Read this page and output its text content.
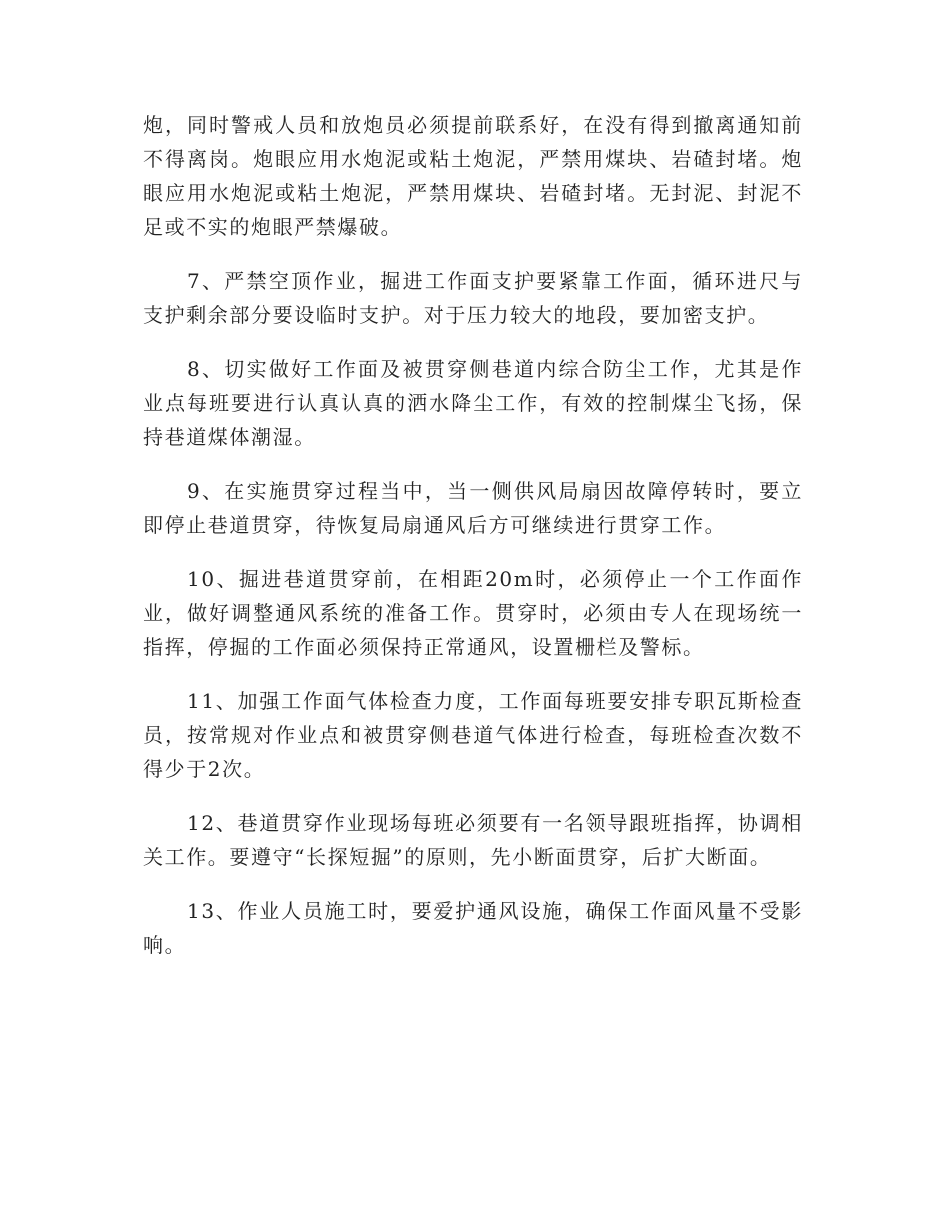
炮，同时警戒人员和放炮员必须提前联系好，在没有得到撤离通知前不得离岗。炮眼应用水炮泥或粘土炮泥，严禁用煤块、岩碴封堵。炮眼应用水炮泥或粘土炮泥，严禁用煤块、岩碴封堵。无封泥、封泥不足或不实的炮眼严禁爆破。

7、严禁空顶作业，掘进工作面支护要紧靠工作面，循环进尺与支护剩余部分要设临时支护。对于压力较大的地段，要加密支护。

8、切实做好工作面及被贯穿侧巷道内综合防尘工作，尤其是作业点每班要进行认真认真的洒水降尘工作，有效的控制煤尘飞扬，保持巷道煤体潮湿。

9、在实施贯穿过程当中，当一侧供风局扇因故障停转时，要立即停止巷道贯穿，待恢复局扇通风后方可继续进行贯穿工作。

10、掘进巷道贯穿前，在相距20m时，必须停止一个工作面作业，做好调整通风系统的准备工作。贯穿时，必须由专人在现场统一指挥，停掘的工作面必须保持正常通风，设置栅栏及警标。

11、加强工作面气体检查力度，工作面每班要安排专职瓦斯检查员，按常规对作业点和被贯穿侧巷道气体进行检查，每班检查次数不得少于2次。

12、巷道贯穿作业现场每班必须要有一名领导跟班指挥，协调相关工作。要遵守“长探短掘”的原则，先小断面贯穿，后扩大断面。

13、作业人员施工时，要爱护通风设施，确保工作面风量不受影响。
